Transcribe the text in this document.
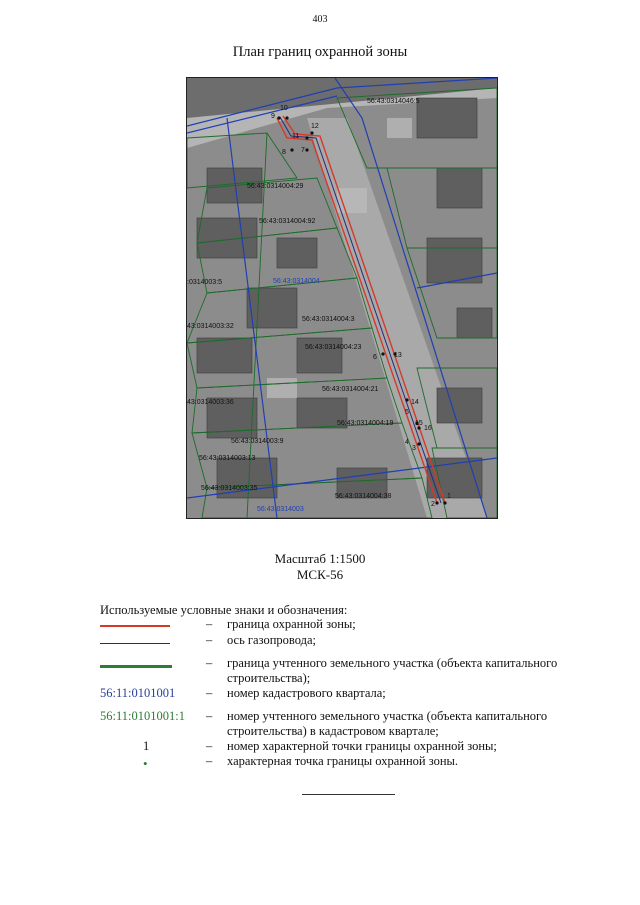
403
План границ охранной зоны
56:43:0314046:5
56:43:0314004:29
56:43:0314004:92
:0314003:5
43:0314003:32
56:43:0314004:3
56:43:0314004:23
56:43:0314004:21
43:0314003:36
56:43:0314004:19
56:43:0314003:9
56:43:0314003:13
56:43:0314003:35
56:43:0314004:38
56:43:0314004
56:43:0314003
10
9
12
11
8 7
6 13
14
5
15
16
4
3
2
1
Масштаб 1:1500
МСК-56
Используемые условные знаки и обозначения:
– граница охранной зоны;
– ось газопровода;
– граница учтенного земельного участка (объекта капитального строительства);
56:11:0101001 – номер кадастрового квартала;
56:11:0101001:1 – номер учтенного земельного участка (объекта капитального строительства) в кадастровом квартале;
1	– номер характерной точки границы охранной зоны;
•	– характерная точка границы охранной зоны.
